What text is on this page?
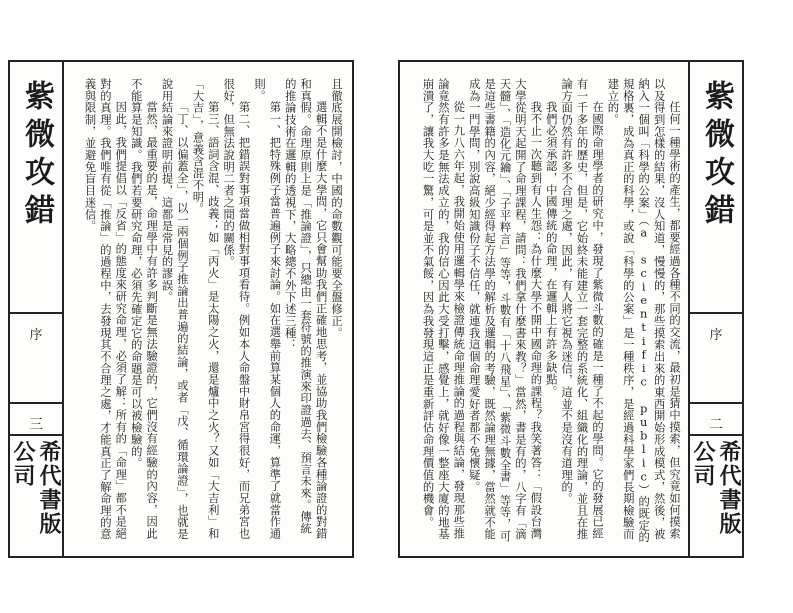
紫微攻錯
序
三
希代書版公司

且徹底展開檢討，中國的命數觀可能要全盤修正。

選輯不是什麼大學問，它只會幫助我們正確地思考，並協助我們檢驗各種論證的對錯和真假。命理原則上是「推論證」，只總由一套符號的推演來印證過去、預言未來。傳統的推論技術在邏輯的透視下，大略總不外下述三種：

第一、把特殊例子當普遍例子來討論。如在選舉前算某個人的命運，算準了就當作通則。

第二、把錯誤對事項當做相對事項看待。例如本人命盤中財帛宮得很好，而兄弟宮也很好，但無法說明二者之間的關係。

第三、語詞含混、歧義；如「丙火」是太陽之火，還是爐中之火？又如「大吉利」和「大吉」，意義含混不明。

「丁、以偏蓋全」，以一兩個例子推論出普遍的結論，或者「戊、循環論證」，也就是說用結論來證明前提，這都是常見的謬誤。

當然，最重要的是，命理學中有許多判斷是無法驗證的，它們沒有經驗的內容，因此不能算是知識。我們若要研究命理，必須先確定它的命題是可以被檢驗的。

因此，我們提倡以「反省」的態度來研究命理，必須了解：所有的「命理」都不是絕對的真理。我們唯有從「推論」的過程中，去發現其不合理之處，才能真正了解命理的意義與限制，並避免盲目迷信。	任何一種學術的產生，都要經過各種不同的交流，最初是猜中摸索，但究竟如何摸索以及得到怎樣的結果，沒人知道，慢慢的，那些摸索出來的東西開始形成模式，然後，被納入一個叫「科學的公案」（a scientific public）的既定的規格裏，成為真正的科學，或說「科學的公案」是一種秩序，是經過科學家們長期檢驗而建立的。

在國際命理學者的研究中，發現了紫微斗數的確是一種了不起的學問。它的發展已經有一千多年的歷史，但是，它始終未能建立一套完整的系統化、組織化的理論，並且在推論方面仍然有許多不合理之處，因此，有人將它視為迷信，這並不是沒有道理的。

我們必須承認，中國傳統的命理，在邏輯上有許多缺點。

我不止一次聽到有人生怨：為什麼大學不開中國命理的課程？我笑著答：「假設台灣大學從明天起開了命理課程，請問：我們拿什麼書來教？」當然，書是有的，八字有「滴天髓」、「造化元鑰」、「子平粹言」等等，斗數有「十八飛星」、「紫微斗數全書」等等，可是這些書籍的內容，絕少經得起方法學的解析及邏輯的考驗，既然論理無據，當然就不能成為一門學問，別說高級知識份子不信任，就連我這個命理愛好者都不免懷疑。

從一九八六年起，我開始使用邏輯學來檢證傳統命理推論的過程與結論，發現那些推論竟然有許多是無法成立的，我的信心因此大受打擊，感覺上，就好像一整座大廈的地基崩潰了，讓我大吃一驚，可是並不氣餒，因為我發現這正是重新評估命理價值的機會。	紫微攻錯
序
二
希代書版公司
